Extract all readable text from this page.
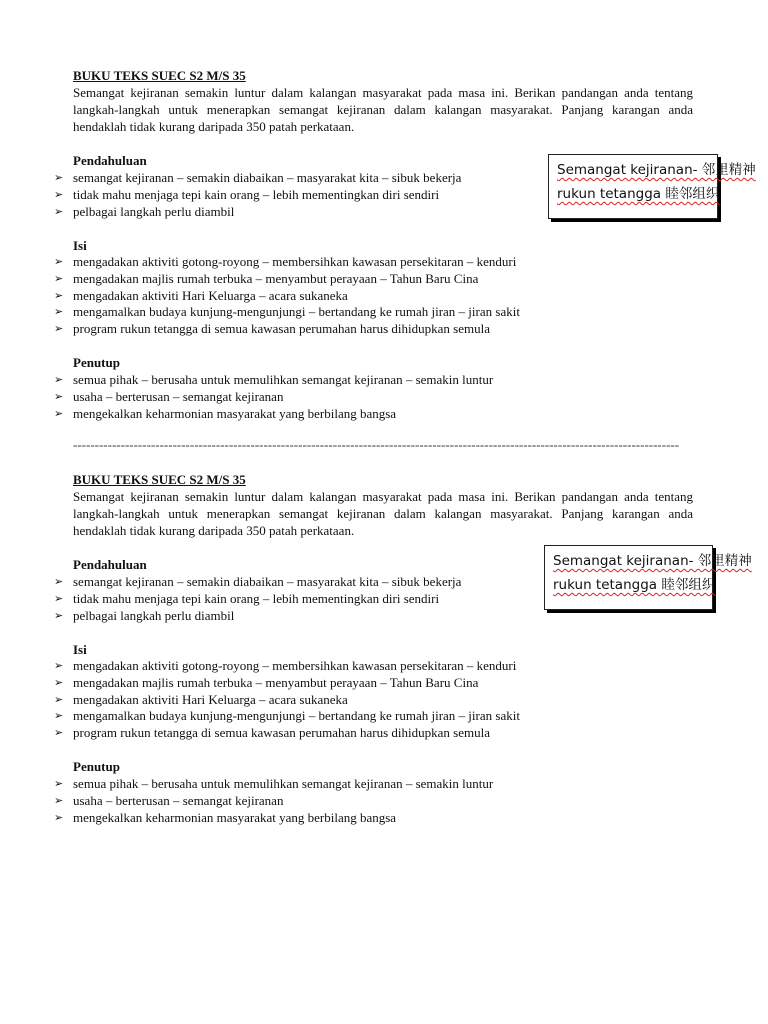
BUKU TEKS SUEC S2 M/S 35

Semangat kejiranan semakin luntur dalam kalangan masyarakat pada masa ini. Berikan pandangan anda tentang langkah-langkah untuk menerapkan semangat kejiranan dalam kalangan masyarakat. Panjang karangan anda hendaklah tidak kurang daripada 350 patah perkataan.

Pendahuluan
➢ semangat kejiranan – semakin diabaikan – masyarakat kita – sibuk bekerja
➢ tidak mahu menjaga tepi kain orang – lebih mementingkan diri sendiri
➢ pelbagai langkah perlu diambil
Isi
➢ mengadakan aktiviti gotong-royong – membersihkan kawasan persekitaran – kenduri
➢ mengadakan majlis rumah terbuka – menyambut perayaan – Tahun Baru Cina
➢ mengadakan aktiviti Hari Keluarga – acara sukaneka
➢ mengamalkan budaya kunjung-mengunjungi – bertandang ke rumah jiran – jiran sakit
➢ program rukun tetangga di semua kawasan perumahan harus dihidupkan semula
Penutup
➢ semua pihak – berusaha untuk memulihkan semangat kejiranan – semakin luntur
➢ usaha – berterusan – semangat kejiranan
➢ mengekalkan keharmonian masyarakat yang berbilang bangsa
Semangat kejiranan- 邻里精神
rukun tetangga 睦邻组织
--------------------------------------------------------------------------------------------------------------------------------------------
BUKU TEKS SUEC S2 M/S 35

Semangat kejiranan semakin luntur dalam kalangan masyarakat pada masa ini. Berikan pandangan anda tentang langkah-langkah untuk menerapkan semangat kejiranan dalam kalangan masyarakat. Panjang karangan anda hendaklah tidak kurang daripada 350 patah perkataan.

Pendahuluan
➢ semangat kejiranan – semakin diabaikan – masyarakat kita – sibuk bekerja
➢ tidak mahu menjaga tepi kain orang – lebih mementingkan diri sendiri
➢ pelbagai langkah perlu diambil
Isi
➢ mengadakan aktiviti gotong-royong – membersihkan kawasan persekitaran – kenduri
➢ mengadakan majlis rumah terbuka – menyambut perayaan – Tahun Baru Cina
➢ mengadakan aktiviti Hari Keluarga – acara sukaneka
➢ mengamalkan budaya kunjung-mengunjungi – bertandang ke rumah jiran – jiran sakit
➢ program rukun tetangga di semua kawasan perumahan harus dihidupkan semula
Penutup
➢ semua pihak – berusaha untuk memulihkan semangat kejiranan – semakin luntur
➢ usaha – berterusan – semangat kejiranan
➢ mengekalkan keharmonian masyarakat yang berbilang bangsa
Semangat kejiranan- 邻里精神
rukun tetangga 睦邻组织
